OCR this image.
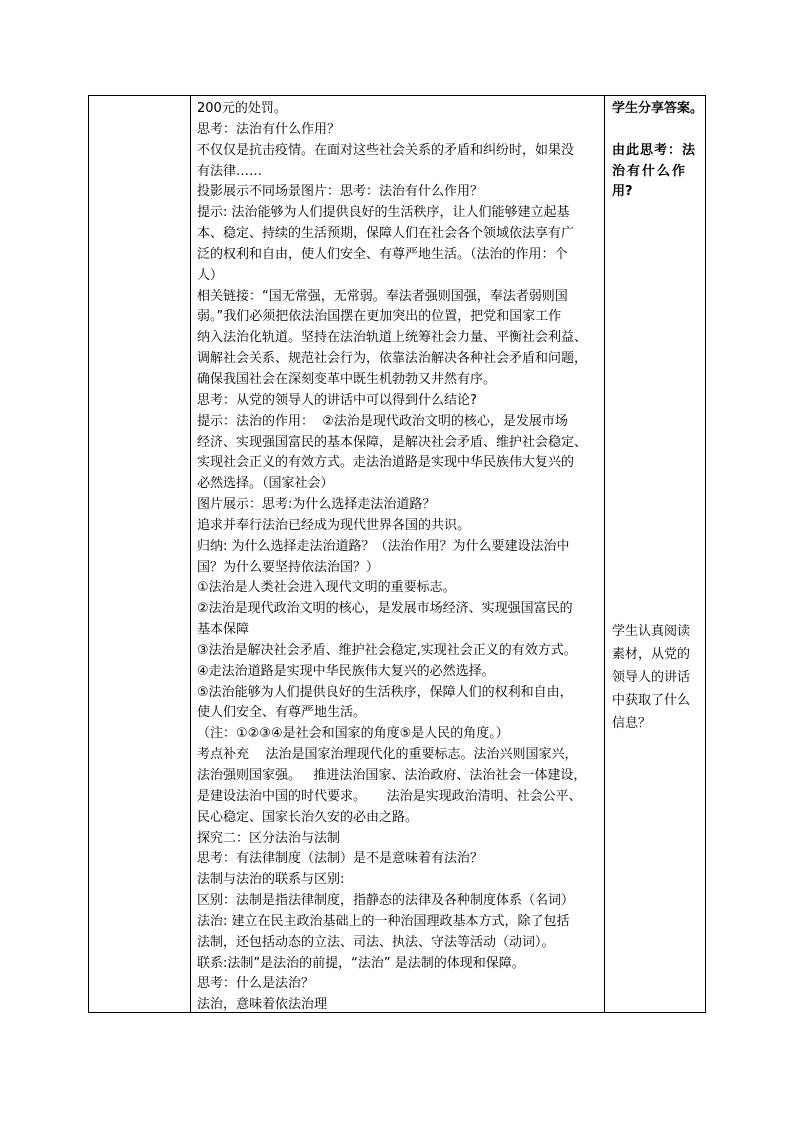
200元的处罚。
思考：法治有什么作用？
不仅仅是抗击疫情。在面对这些社会关系的矛盾和纠纷时，如果没
有法律……
投影展示不同场景图片：思考：法治有什么作用？
提示: 法治能够为人们提供良好的生活秩序，让人们能够建立起基
本、稳定、持续的生活预期，保障人们在社会各个领域依法享有广
泛的权利和自由，使人们安全、有尊严地生活。（法治的作用：个
人）
相关链接：“国无常强，无常弱。奉法者强则国强，奉法者弱则国
弱。”我们必须把依法治国摆在更加突出的位置，把党和国家工作
纳入法治化轨道。坚持在法治轨道上统筹社会力量、平衡社会利益、
调解社会关系、规范社会行为，依靠法治解决各种社会矛盾和问题，
确保我国社会在深刻变革中既生机勃勃又井然有序。
思考：从党的领导人的讲话中可以得到什么结论?
提示：法治的作用：  ②法治是现代政治文明的核心，是发展市场
经济、实现强国富民的基本保障，是解决社会矛盾、维护社会稳定、
实现社会正义的有效方式。走法治道路是实现中华民族伟大复兴的
必然选择。（国家社会）
图片展示：思考:为什么选择走法治道路？
追求并奉行法治已经成为现代世界各国的共识。
归纳: 为什么选择走法治道路？（法治作用？为什么要建设法治中
国？为什么要坚持依法治国？）
①法治是人类社会进入现代文明的重要标志。
②法治是现代政治文明的核心，是发展市场经济、实现强国富民的
基本保障
③法治是解决社会矛盾、维护社会稳定,实现社会正义的有效方式。
④走法治道路是实现中华民族伟大复兴的必然选择。
⑤法治能够为人们提供良好的生活秩序，保障人们的权利和自由，
使人们安全、有尊严地生活。
（注：①②③④是社会和国家的角度⑤是人民的角度。）
考点补充    法治是国家治理现代化的重要标志。法治兴则国家兴，
法治强则国家强。   推进法治国家、法治政府、法治社会一体建设，
是建设法治中国的时代要求。     法治是实现政治清明、社会公平、
民心稳定、国家长治久安的必由之路。
探究二：区分法治与法制
思考：有法律制度（法制）是不是意味着有法治？
法制与法治的联系与区别:
区别：法制是指法律制度，指静态的法律及各种制度体系（名词）
法治: 建立在民主政治基础上的一种治国理政基本方式，除了包括
法制，还包括动态的立法、司法、执法、守法等活动（动词）。
联系:法制”是法治的前提，“法治” 是法制的体现和保障。
思考：什么是法治？
法治，意味着依法治理
学生分享答案。
由此思考：法
治有什么作
用?
学生认真阅读
素材，从党的
领导人的讲话
中获取了什么
信息？
